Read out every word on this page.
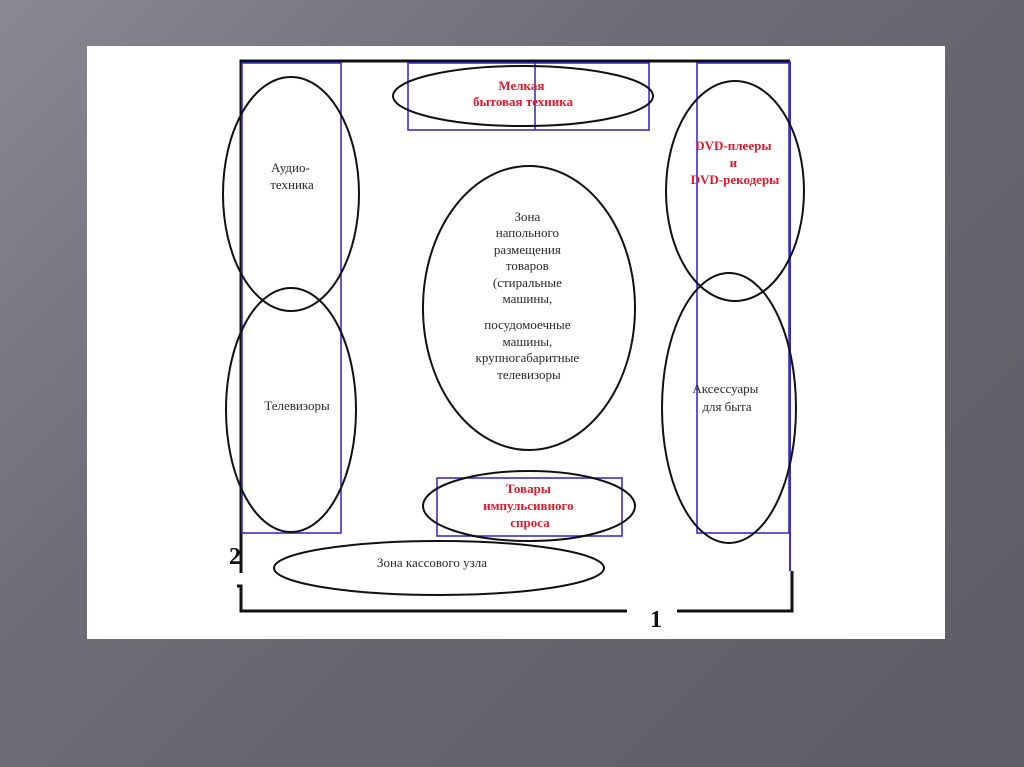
Мелкая бытовая техника
Аудио- техника
DVD-плееры и DVD-рекодеры
Зона напольного размещения товаров (стиральные машины, посудомоечные машины, крупногабаритные телевизоры
Телевизоры
Аксессуары для быта
Товары импульсивного спроса
Зона кассового узла
2
1
